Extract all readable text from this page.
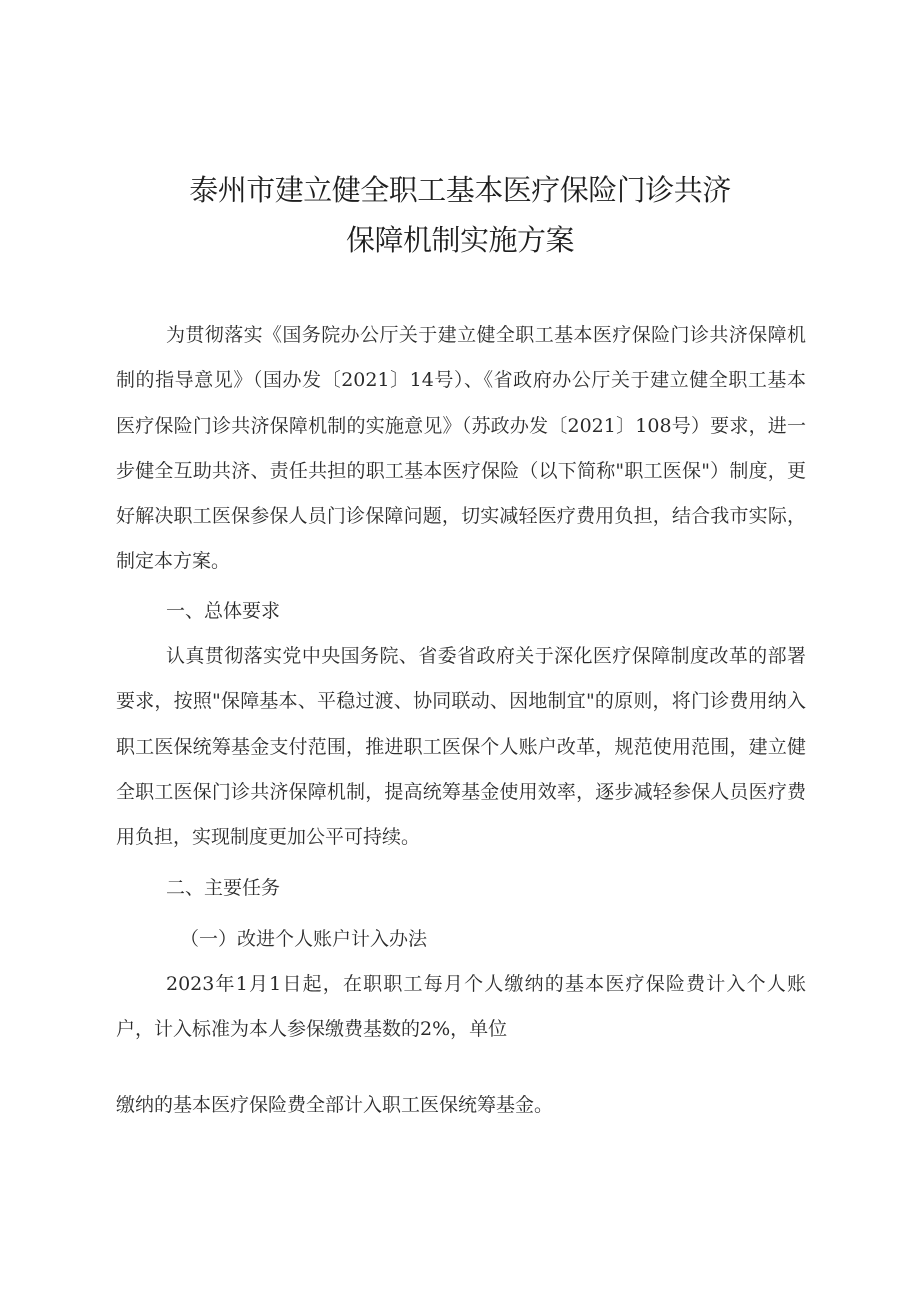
泰州市建立健全职工基本医疗保险门诊共济
保障机制实施方案

为贯彻落实《国务院办公厅关于建立健全职工基本医疗保险门诊共济保障机制的指导意见》（国办发〔2021〕14号）、《省政府办公厅关于建立健全职工基本医疗保险门诊共济保障机制的实施意见》（苏政办发〔2021〕108号）要求，进一步健全互助共济、责任共担的职工基本医疗保险（以下简称"职工医保"）制度，更好解决职工医保参保人员门诊保障问题，切实减轻医疗费用负担，结合我市实际，制定本方案。

一、总体要求

认真贯彻落实党中央国务院、省委省政府关于深化医疗保障制度改革的部署要求，按照"保障基本、平稳过渡、协同联动、因地制宜"的原则，将门诊费用纳入职工医保统筹基金支付范围，推进职工医保个人账户改革，规范使用范围，建立健全职工医保门诊共济保障机制，提高统筹基金使用效率，逐步减轻参保人员医疗费用负担，实现制度更加公平可持续。

二、主要任务
（一）改进个人账户计入办法

2023年1月1日起，在职职工每月个人缴纳的基本医疗保险费计入个人账户，计入标准为本人参保缴费基数的2%，单位

缴纳的基本医疗保险费全部计入职工医保统筹基金。
